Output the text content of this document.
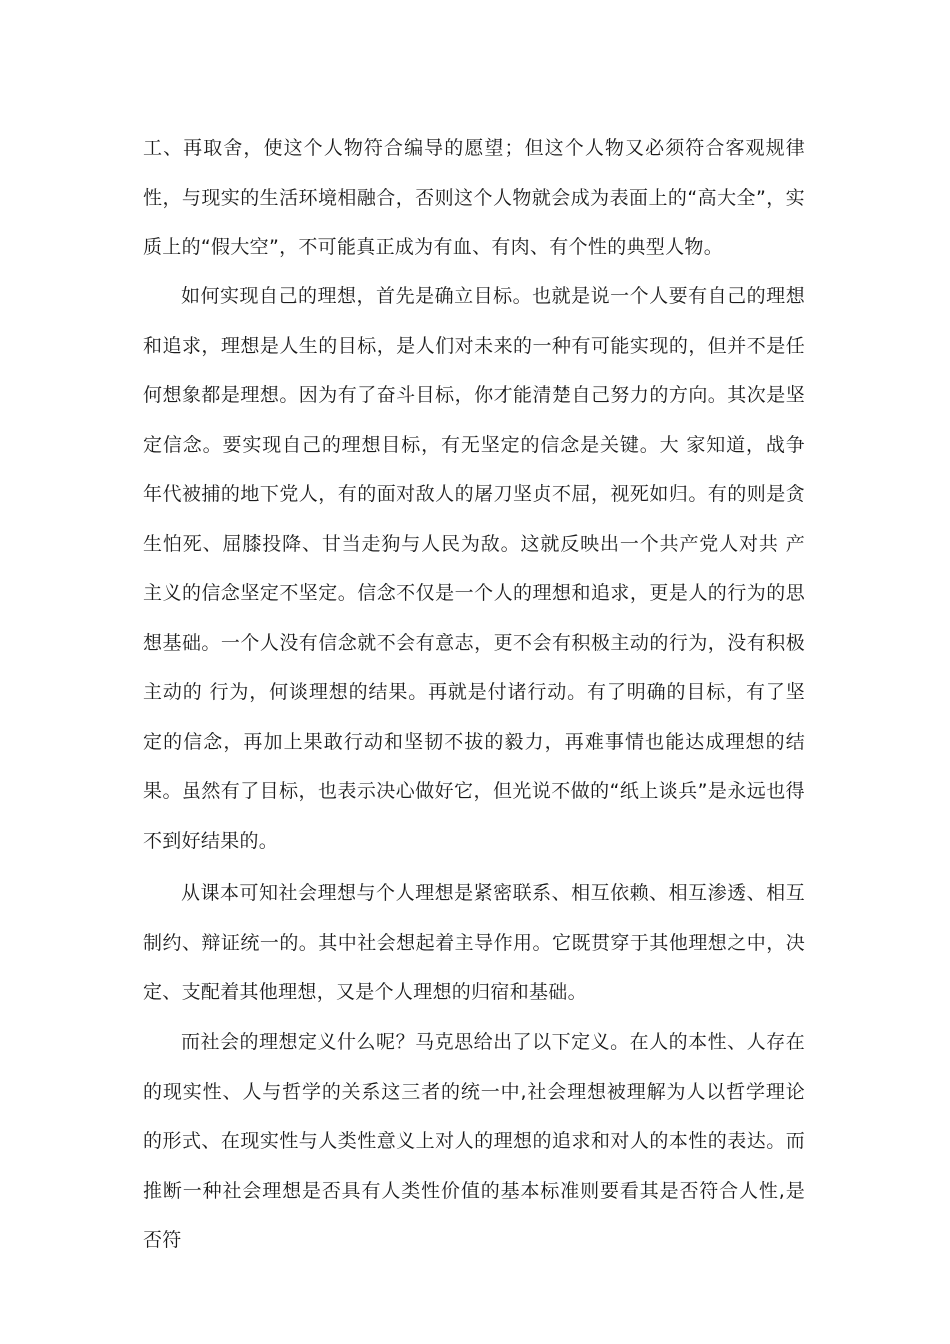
工、再取舍，使这个人物符合编导的愿望；但这个人物又必须符合客观规律性，与现实的生活环境相融合，否则这个人物就会成为表面上的“高大全”，实质上的“假大空”，不可能真正成为有血、有肉、有个性的典型人物。

如何实现自己的理想，首先是确立目标。也就是说一个人要有自己的理想和追求，理想是人生的目标，是人们对未来的一种有可能实现的，但并不是任何想象都是理想。因为有了奋斗目标，你才能清楚自己努力的方向。其次是坚定信念。要实现自己的理想目标，有无坚定的信念是关键。大 家知道，战争年代被捕的地下党人，有的面对敌人的屠刀坚贞不屈，视死如归。有的则是贪生怕死、屈膝投降、甘当走狗与人民为敌。这就反映出一个共产党人对共 产主义的信念坚定不坚定。信念不仅是一个人的理想和追求，更是人的行为的思想基础。一个人没有信念就不会有意志，更不会有积极主动的行为，没有积极主动的 行为，何谈理想的结果。再就是付诸行动。有了明确的目标，有了坚定的信念，再加上果敢行动和坚韧不拔的毅力，再难事情也能达成理想的结果。虽然有了目标，也表示决心做好它，但光说不做的“纸上谈兵”是永远也得不到好结果的。

从课本可知社会理想与个人理想是紧密联系、相互依赖、相互渗透、相互制约、辩证统一的。其中社会想起着主导作用。它既贯穿于其他理想之中，决定、支配着其他理想，又是个人理想的归宿和基础。

而社会的理想定义什么呢？马克思给出了以下定义。在人的本性、人存在的现实性、人与哲学的关系这三者的统一中,社会理想被理解为人以哲学理论的形式、在现实性与人类性意义上对人的理想的追求和对人的本性的表达。而推断一种社会理想是否具有人类性价值的基本标准则要看其是否符合人性,是否符
